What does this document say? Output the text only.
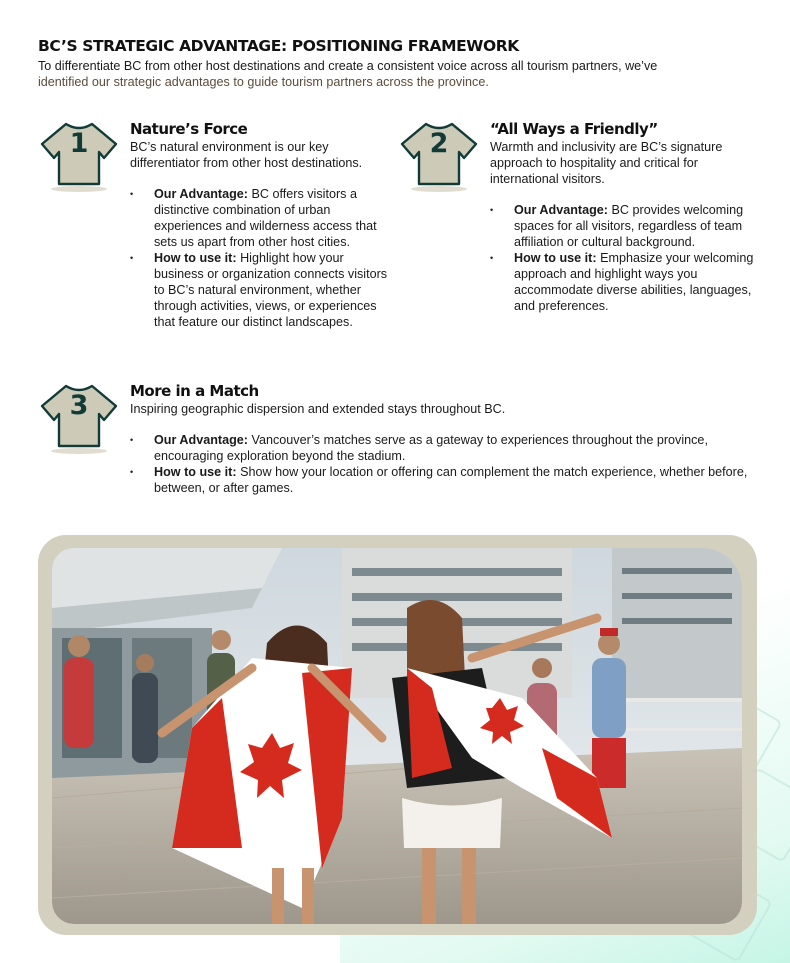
BC’S STRATEGIC ADVANTAGE: POSITIONING FRAMEWORK
To differentiate BC from other host destinations and create a consistent voice across all tourism partners, we’ve
identified our strategic advantages to guide tourism partners across the province.
1	2
3
Nature’s Force
BC’s natural environment is our key differentiator from other host destinations.
• Our Advantage: BC offers visitors a distinctive combination of urban experiences and wilderness access that sets us apart from other host cities.
• How to use it: Highlight how your business or organization connects visitors to BC’s natural environment, whether through activities, views, or experiences that feature our distinct landscapes.
“All Ways a Friendly”
Warmth and inclusivity are BC’s signature approach to hospitality and critical for international visitors.
• Our Advantage: BC provides welcoming spaces for all visitors, regardless of team affiliation or cultural background.
• How to use it: Emphasize your welcoming approach and highlight ways you accommodate diverse abilities, languages, and preferences.
More in a Match
Inspiring geographic dispersion and extended stays throughout BC.
• Our Advantage: Vancouver’s matches serve as a gateway to experiences throughout the province, encouraging exploration beyond the stadium.
• How to use it: Show how your location or offering can complement the match experience, whether before, between, or after games.
